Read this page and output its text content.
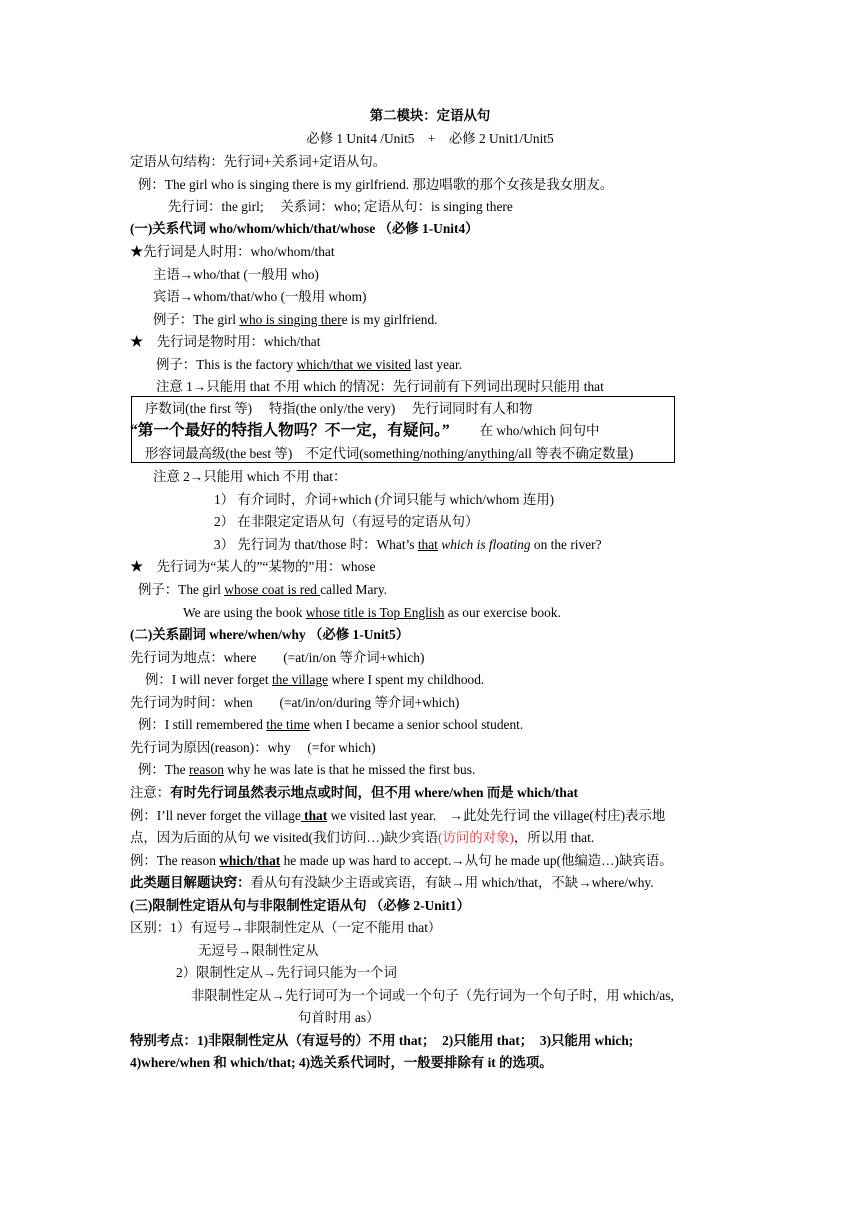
第二模块：定语从句
必修 1 Unit4 /Unit5　+　必修 2 Unit1/Unit5
定语从句结构：先行词+关系词+定语从句。
例：The girl who is singing there is my girlfriend. 那边唱歌的那个女孩是我女朋友。
先行词：the girl;　 关系词：who; 定语从句：is singing there
(一)关系代词 who/whom/which/that/whose （必修 1-Unit4）
★先行词是人时用：who/whom/that
主语→who/that (一般用 who)
宾语→whom/that/who (一般用 whom)
例子：The girl who is singing there is my girlfriend.
★　先行词是物时用：which/that
例子：This is the factory which/that we visited last year.
注意 1→只能用 that 不用 which 的情况：先行词前有下列词出现时只能用 that
序数词(the first 等)　 特指(the only/the very)　 先行词同时有人和物
“第一个最好的特指人物吗？不一定，有疑问。” 在 who/which 问句中
形容词最高级(the best 等)　不定代词(something/nothing/anything/all 等表不确定数量)
注意 2→只能用 which 不用 that：
1） 有介词时，介词+which (介词只能与 which/whom 连用)
2） 在非限定定语从句（有逗号的定语从句）
3） 先行词为 that/those 时：What’s that which is floating on the river?
★　先行词为“某人的”“某物的”用：whose
例子：The girl whose coat is red called Mary.
We are using the book whose title is Top English as our exercise book.
(二)关系副词 where/when/why （必修 1-Unit5）
先行词为地点：where　　(=at/in/on 等介词+which)
例：I will never forget the village where I spent my childhood.
先行词为时间：when　　(=at/in/on/during 等介词+which)
例：I still remembered the time when I became a senior school student.
先行词为原因(reason)：why　 (=for which)
例：The reason why he was late is that he missed the first bus.
注意：有时先行词虽然表示地点或时间，但不用 where/when 而是 which/that
例：I’ll never forget the village that we visited last year.　→此处先行词 the village(村庄)表示地
点，因为后面的从句 we visited(我们访问…)缺少宾语(访问的对象)，所以用 that.
例：The reason which/that he made up was hard to accept.→从句 he made up(他编造…)缺宾语。
此类题目解题诀窍：看从句有没缺少主语或宾语，有缺→用 which/that，不缺→where/why.
(三)限制性定语从句与非限制性定语从句 （必修 2-Unit1）
区别：1）有逗号→非限制性定从（一定不能用 that）
无逗号→限制性定从
2）限制性定从→先行词只能为一个词
非限制性定从→先行词可为一个词或一个句子（先行词为一个句子时，用 which/as,
句首时用 as）
特别考点：1)非限制性定从（有逗号的）不用 that；　2)只能用 that；　3)只能用 which;
4)where/when 和 which/that; 4)选关系代词时，一般要排除有 it 的选项。
